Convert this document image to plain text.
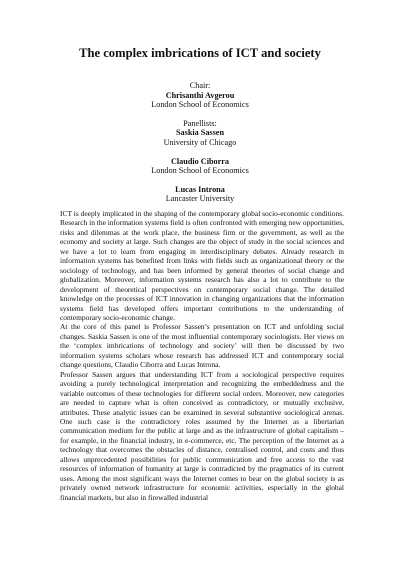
The complex imbrications of ICT and society
Chair:
Chrisanthi Avgerou
London School of Economics
Panellists:
Saskia Sassen
University of Chicago
Claudio Ciborra
London School of Economics
Lucas Introna
Lancaster University

ICT is deeply implicated in the shaping of the contemporary global socio-economic conditions. Research in the information systems field is often confronted with emerging new opportunities, risks and dilemmas at the work place, the business firm or the government, as well as the economy and society at large. Such changes are the object of study in the social sciences and we have a lot to learn from engaging in interdisciplinary debates. Already research in information systems has benefited from links with fields such as organizational theory or the sociology of technology, and has been informed by general theories of social change and globalization. Moreover, information systems research has also a lot to contribute to the development of theoretical perspectives on contemporary social change. The detailed knowledge on the processes of ICT innovation in changing organizations that the information systems field has developed offers important contributions to the understanding of contemporary socio-economic change.

At the core of this panel is Professor Sassen’s presentation on ICT and unfolding social changes. Saskia Sassen is one of the most influential contemporary sociologists. Her views on the ‘complex imbrications of technology and society’ will then be discussed by two information systems scholars whose research has addressed ICT and contemporary social change questions, Claudio Ciborra and Lucas Introna.

Professor Sassen argues that understanding ICT from a sociological perspective requires avoiding a purely technological interpretation and recognizing the embeddedness and the variable outcomes of these technologies for different social orders. Moreover, new categories are needed to capture what is often conceived as contradictory, or mutually exclusive, attributes. These analytic issues can be examined in several substantive sociological arenas. One such case is the contradictory roles assumed by the Internet as a libertarian communication medium for the public at large and as the infrastructure of global capitalism – for example, in the financial industry, in e-commerce, etc. The perception of the Internet as a technology that overcomes the obstacles of distance, centralised control, and costs and thus allows unprecedented possibilities for public communication and free access to the vast resources of information of humanity at large is contradicted by the pragmatics of its current uses. Among the most significant ways the Internet comes to bear on the global society is as privately owned network infrastructure for economic activities, especially in the global financial markets, but also in firewalled industrial
